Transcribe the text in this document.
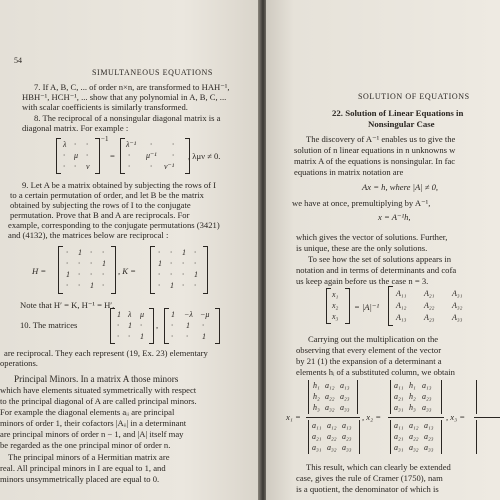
54
SIMULTANEOUS EQUATIONS
7. If A, B, C, ... of order n×n, are transformed to HAH⁻¹,
HBH⁻¹, HCH⁻¹, ... show that any polynomial in A, B, C, ...
with scalar coefficients is similarly transformed.
8. The reciprocal of a nonsingular diagonal matrix is a
diagonal matrix. For example :
λ · ·
· μ ·
· · ν
−1
=
λ⁻¹ ·	·
· μ⁻¹ ·
·	· ν⁻¹
, λμν ≠ 0.
9. Let A be a matrix obtained by subjecting the rows of I
to a certain permutation of order, and let B be the matrix
obtained by subjecting the rows of I to the conjugate
permutation. Prove that B and A are reciprocals. For
example, corresponding to the conjugate permutations (3421)
and (4132), the matrices below are reciprocal :
H =
· 1 · ·
· · · 1
1 · · ·
· · 1 ·
, K =
· · 1 ·
1 · · ·
· · · 1
· 1 · ·
Note that H′ = K, H⁻¹ = H′.
10. The matrices
1 λ μ
· 1 ·
· · 1
,
1 −λ −μ
· 1 ·
· · 1
are reciprocal. They each represent (19, Ex. 23) elementary
operations.
Principal Minors. In a matrix A those minors
which have elements situated symmetrically with respect
to the principal diagonal of A are called principal minors.
For example the diagonal elements aᵢᵢ are principal
minors of order 1, their cofactors |Aᵢᵢ| in a determinant
are principal minors of order n − 1, and |A| itself may
be regarded as the one principal minor of order n.
The principal minors of a Hermitian matrix are
real. All principal minors in I are equal to 1, and
minors unsymmetrically placed are equal to 0.
SOLUTION OF EQUATIONS
22. Solution of Linear Equations in
Nonsingular Case
The discovery of A⁻¹ enables us to give the
solution of n linear equations in n unknowns w
matrix A of the equations is nonsingular. In fac
equations in matrix notation are
Ax = h, where |A| ≠ 0,
we have at once, premultiplying by A⁻¹,
x = A⁻¹h,
which gives the vector of solutions. Further,
is unique, these are the only solutions.
To see how the set of solutions appears in
notation and in terms of determinants and cofa
us keep again before us the case n = 3.
x₁
x₂
x₃
= |A|⁻¹
A₁₁ A₂₁ A₃₁
A₁₂ A₂₂ A₃₂
A₁₃ A₂₃ A₃₃
Carrying out the multiplication on the
observing that every element of the vector
by 21 (1) the expansion of a determinant a
elements hᵢ of a substituted column, we obtain
x₁ =
h₁ a₁₂ a₁₃
h₂ a₂₂ a₂₃
h₃ a₃₂ a₃₃
a₁₁ a₁₂ a₁₃
a₂₁ a₂₂ a₂₃
a₃₁ a₃₂ a₃₃
, x₂ =
a₁₁ h₁ a₁₃
a₂₁ h₂ a₂₃
a₃₁ h₃ a₃₃
a₁₁ a₁₂ a₁₃
a₂₁ a₂₂ a₂₃
a₃₁ a₃₂ a₃₃
, x₃ =
This result, which can clearly be extended
case, gives the rule of Cramer (1750), nam
is a quotient, the denominator of which is
